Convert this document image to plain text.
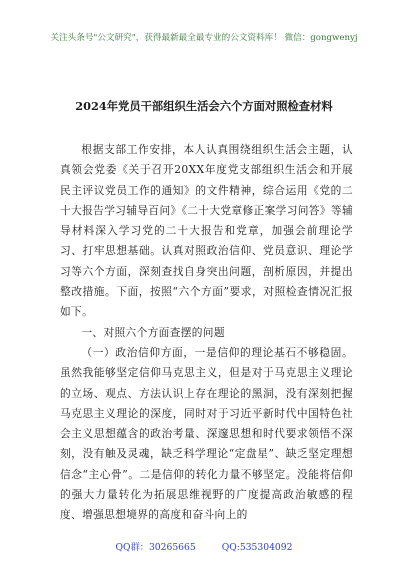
关注头条号"公文研究"，获得最新最全最专业的公文资料库！ 微信：gongwenyj
2024年党员干部组织生活会六个方面对照检查材料

根据支部工作安排，本人认真围绕组织生活会主题，认真领会党委《关于召开20XX年度党支部组织生活会和开展民主评议党员工作的通知》的文件精神，综合运用《党的二十大报告学习辅导百问》《二十大党章修正案学习问答》等辅导材料深入学习党的二十大报告和党章，加强会前理论学习、打牢思想基础。认真对照政治信仰、党员意识、理论学习等六个方面，深刻查找自身突出问题，剖析原因，并提出整改措施。下面，按照“六个方面”要求，对照检查情况汇报如下。

一、对照六个方面查摆的问题

（一）政治信仰方面，一是信仰的理论基石不够稳固。虽然我能够坚定信仰马克思主义，但是对于马克思主义理论的立场、观点、方法认识上存在理论的黑洞，没有深刻把握马克思主义理论的深度，同时对于习近平新时代中国特色社会主义思想蕴含的政治考量、深邃思想和时代要求领悟不深刻，没有触及灵魂，缺乏科学理论“定盘星”、缺乏坚定理想信念“主心骨”。二是信仰的转化力量不够坚定。没能将信仰的强大力量转化为拓展思维视野的广度提高政治敏感的程度、增强思想境界的高度和奋斗向上的

QQ群：30265665	QQ:535304092
